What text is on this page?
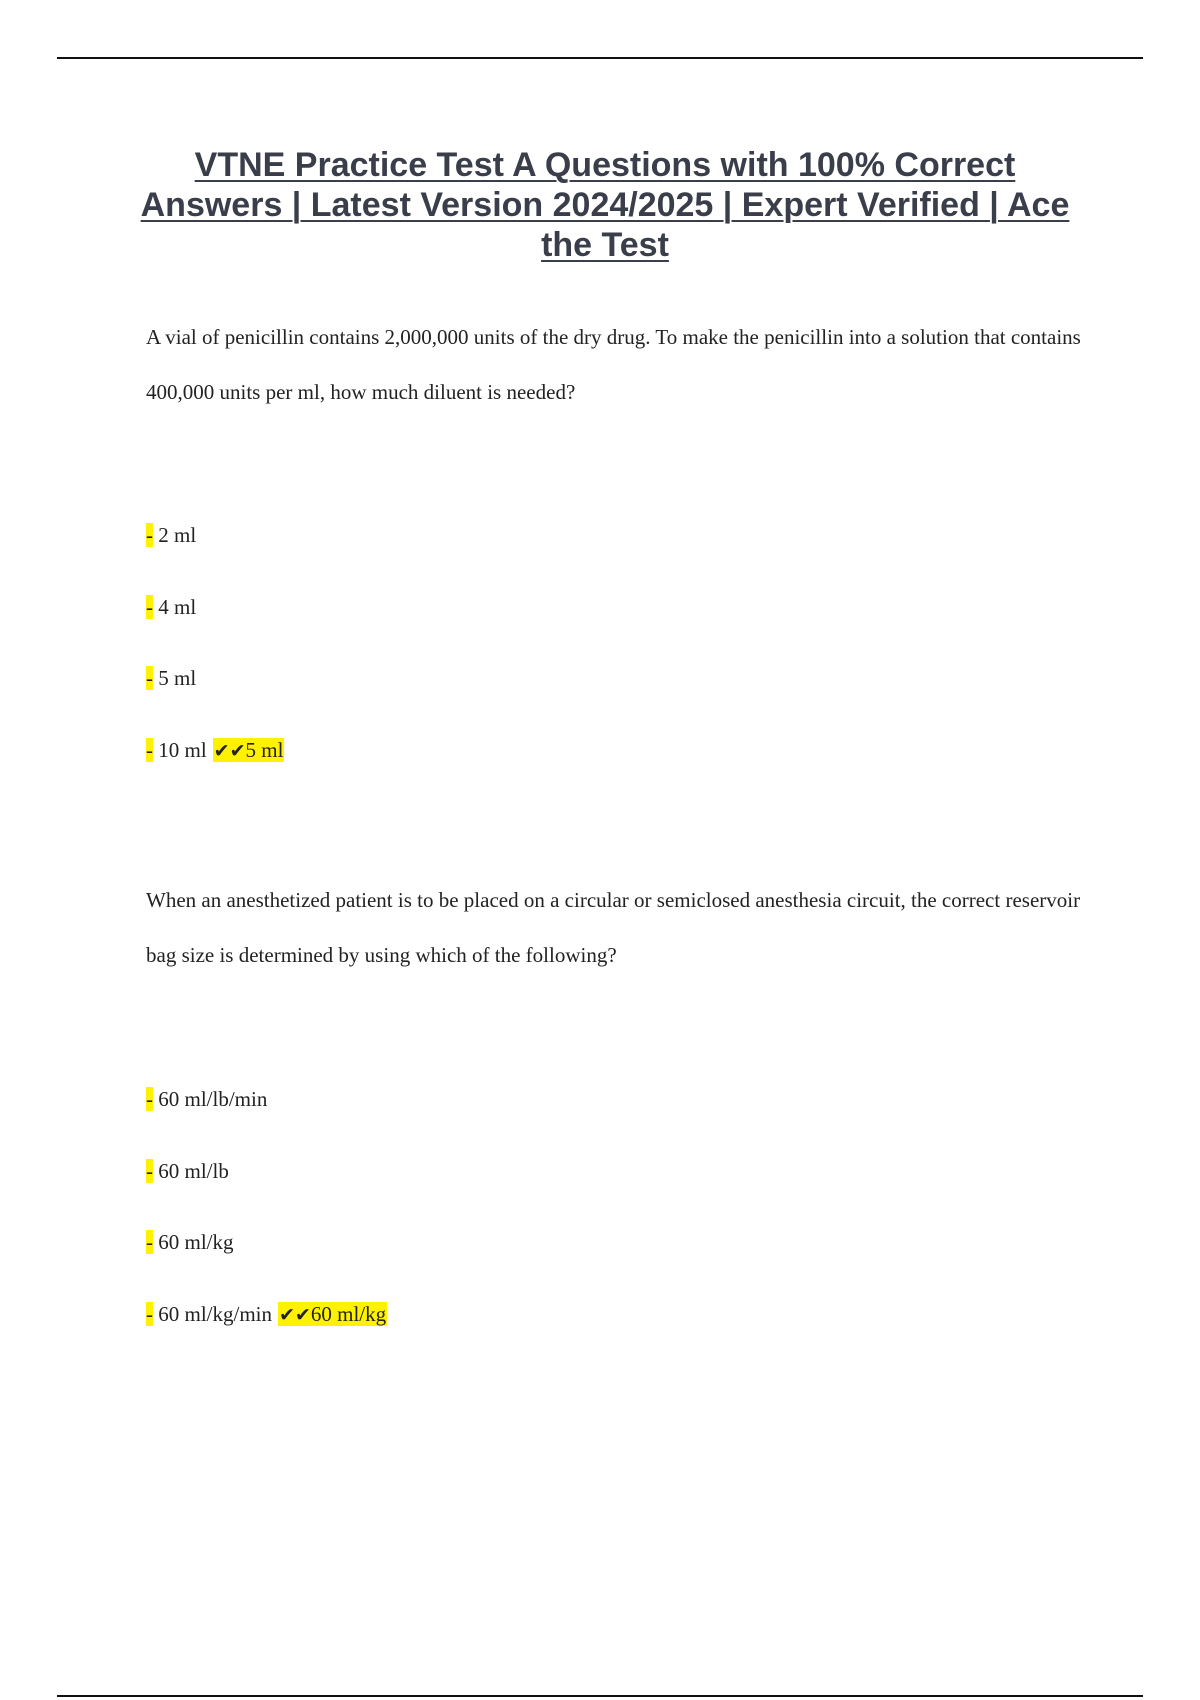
VTNE Practice Test A Questions with 100% Correct Answers | Latest Version 2024/2025 | Expert Verified | Ace the Test

A vial of penicillin contains 2,000,000 units of the dry drug. To make the penicillin into a solution that contains 400,000 units per ml, how much diluent is needed?

- 2 ml
- 4 ml
- 5 ml
- 10 ml ✔✔5 ml

When an anesthetized patient is to be placed on a circular or semiclosed anesthesia circuit, the correct reservoir bag size is determined by using which of the following?

- 60 ml/lb/min
- 60 ml/lb
- 60 ml/kg
- 60 ml/kg/min ✔✔60 ml/kg
